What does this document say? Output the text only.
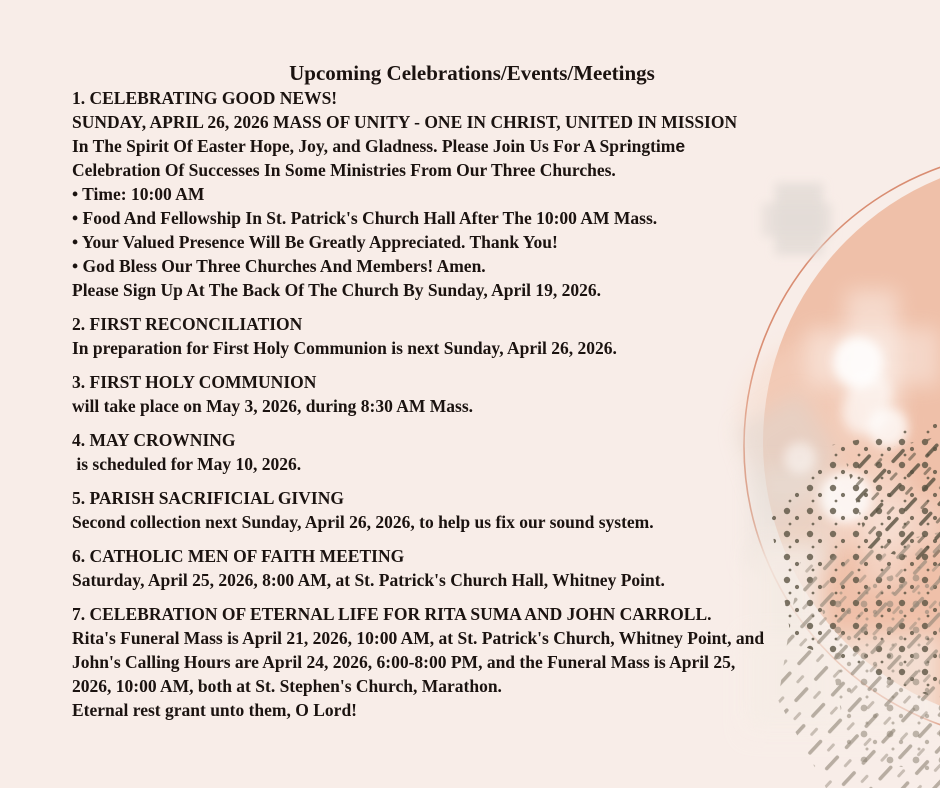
Upcoming Celebrations/Events/Meetings
1. CELEBRATING GOOD NEWS!
SUNDAY, APRIL 26, 2026 MASS OF UNITY - ONE IN CHRIST, UNITED IN MISSION
In The Spirit Of Easter Hope, Joy, and Gladness. Please Join Us For A Springtime
Celebration Of Successes In Some Ministries From Our Three Churches.
• Time: 10:00 AM
• Food And Fellowship In St. Patrick's Church Hall After The 10:00 AM Mass.
• Your Valued Presence Will Be Greatly Appreciated. Thank You!
• God Bless Our Three Churches And Members! Amen.
Please Sign Up At The Back Of The Church By Sunday, April 19, 2026.
2. FIRST RECONCILIATION
In preparation for First Holy Communion is next Sunday, April 26, 2026.
3. FIRST HOLY COMMUNION
will take place on May 3, 2026, during 8:30 AM Mass.
4. MAY CROWNING
is scheduled for May 10, 2026.
5. PARISH SACRIFICIAL GIVING
Second collection next Sunday, April 26, 2026, to help us fix our sound system.
6. CATHOLIC MEN OF FAITH MEETING
Saturday, April 25, 2026, 8:00 AM, at St. Patrick's Church Hall, Whitney Point.
7. CELEBRATION OF ETERNAL LIFE FOR RITA SUMA AND JOHN CARROLL.
Rita's Funeral Mass is April 21, 2026, 10:00 AM, at St. Patrick's Church, Whitney Point, and
John's Calling Hours are April 24, 2026, 6:00-8:00 PM, and the Funeral Mass is April 25,
2026, 10:00 AM, both at St. Stephen's Church, Marathon.
Eternal rest grant unto them, O Lord!
